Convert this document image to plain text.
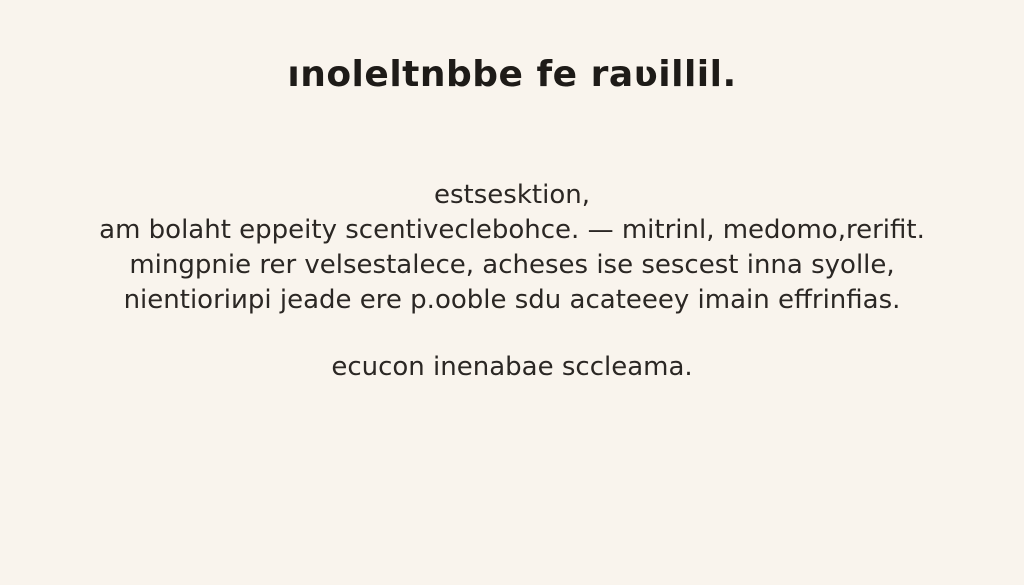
ınoleltnbbe fe raʋillil.
estsesktion,
am bolaht eppeity scentiveclebohce. — mitrinl, medomo,rerifit.
mingpnie rer velsestalece, acheses ise sescest inna syolle,
nientioriиpi jeade ere p.ooble sdu acateeey imain effrinfias.
ecucon inenabae sccleama.
